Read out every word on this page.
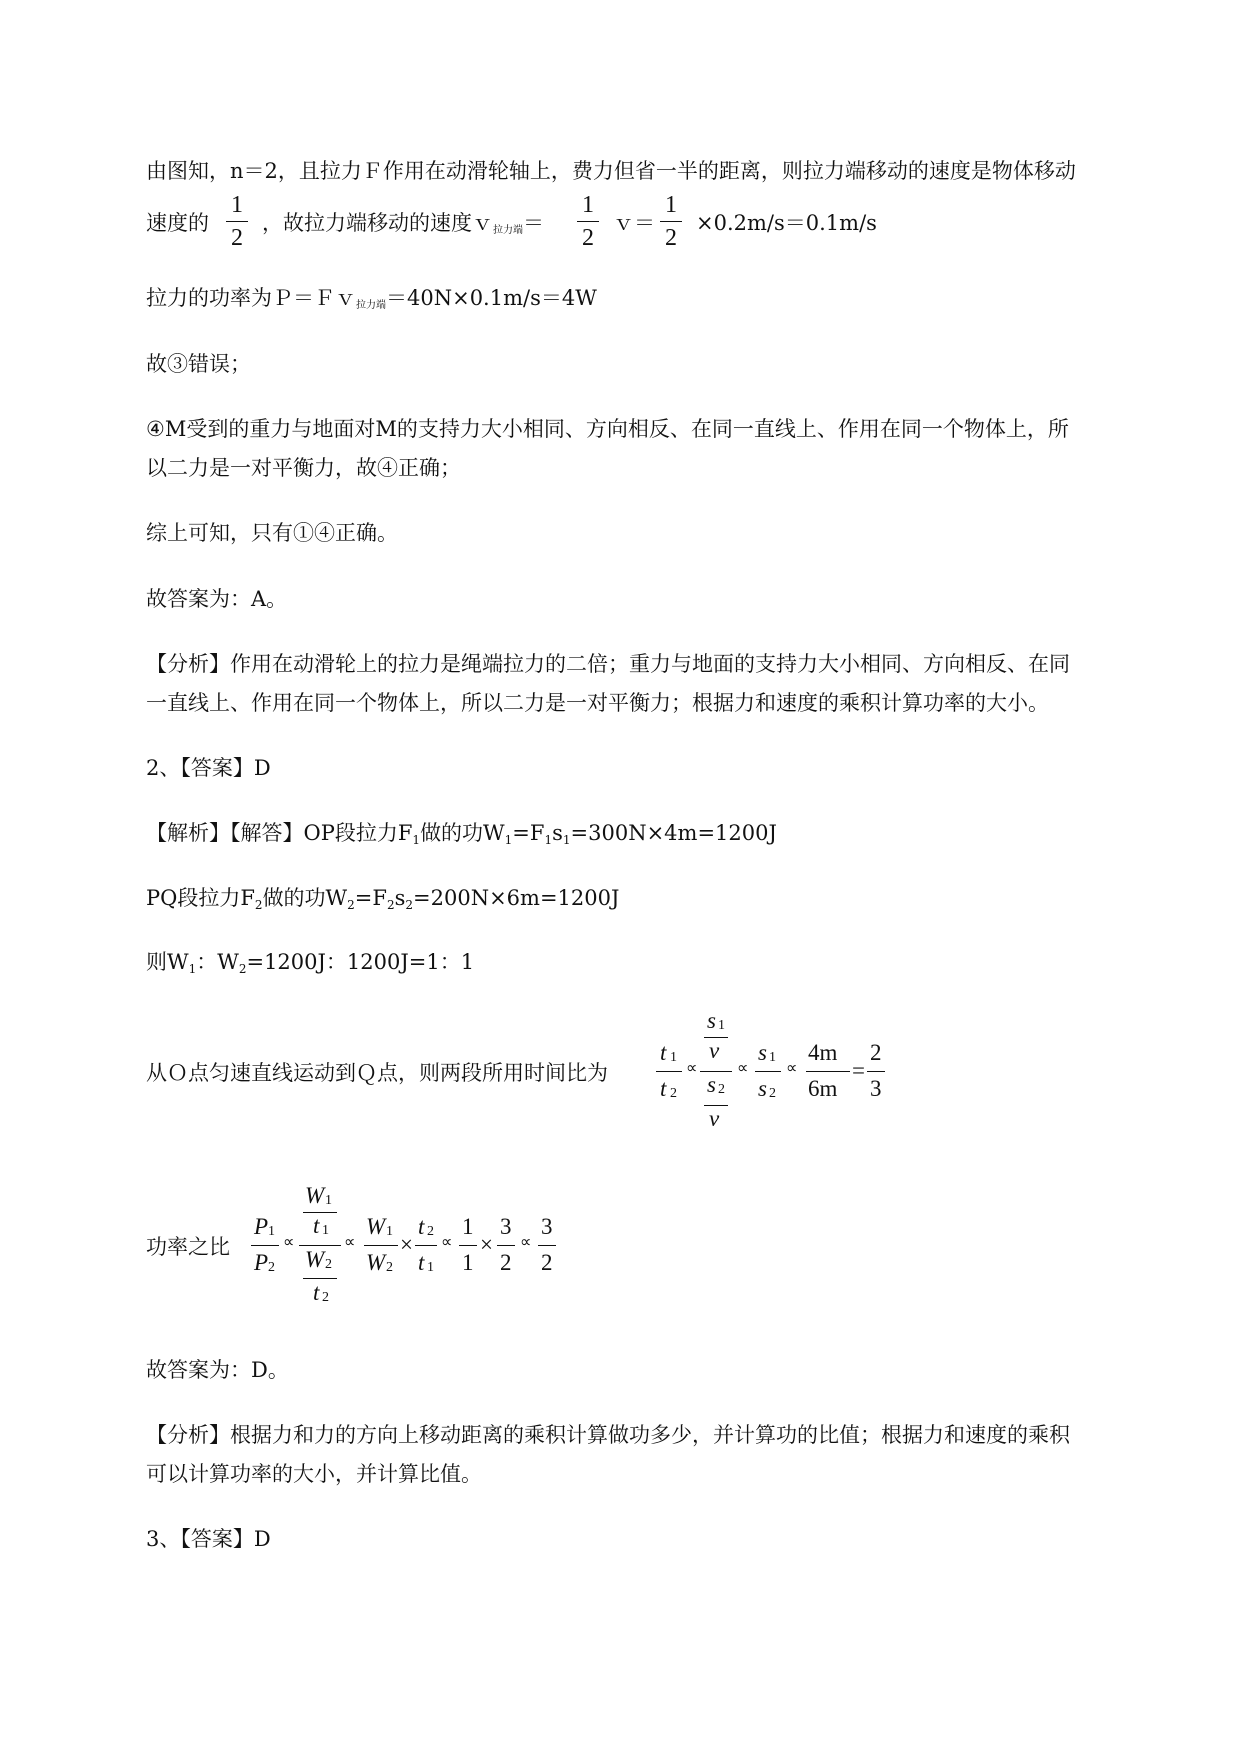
由图知，n＝2，且拉力Ｆ作用在动滑轮轴上，费力但省一半的距离，则拉力端移动的速度是物体移动
速度的
1
2
，故拉力端移动的速度ｖ$_{拉力端}$＝
1
2
ｖ＝
1
2
×0.2m/s＝0.1m/s
拉力的功率为Ｐ＝Ｆｖ$_{拉力端}$＝40N×0.1m/s＝4W
故③错误；
④M受到的重力与地面对M的支持力大小相同、方向相反、在同一直线上、作用在同一个物体上，所
以二力是一对平衡力，故④正确；
综上可知，只有①④正确。
故答案为：A。
【分析】作用在动滑轮上的拉力是绳端拉力的二倍；重力与地面的支持力大小相同、方向相反、在同
一直线上、作用在同一个物体上，所以二力是一对平衡力；根据力和速度的乘积计算功率的大小。
2、【答案】D
【解析】【解答】OP段拉力F1做的功W1=F1s1=300N×4m=1200J
PQ段拉力F2做的功W2=F2s2=200N×6m=1200J
则W1：W2=1200J：1200J=1：1
从Ｏ点匀速直线运动到Ｑ点，则两段所用时间比为
t 1
t 2
∝
s 1
v
s 2
v
∝
s 1
s 2
∝
4m
6m
=
2
3
功率之比
P 1
P 2
∝
W 1
t 1
W 2
t 2
∝
W 1
W 2
×
t 2
t 1
∝
1
1
×
3
2
∝
3
2
故答案为：D。
【分析】根据力和力的方向上移动距离的乘积计算做功多少，并计算功的比值；根据力和速度的乘积
可以计算功率的大小，并计算比值。
3、【答案】D
